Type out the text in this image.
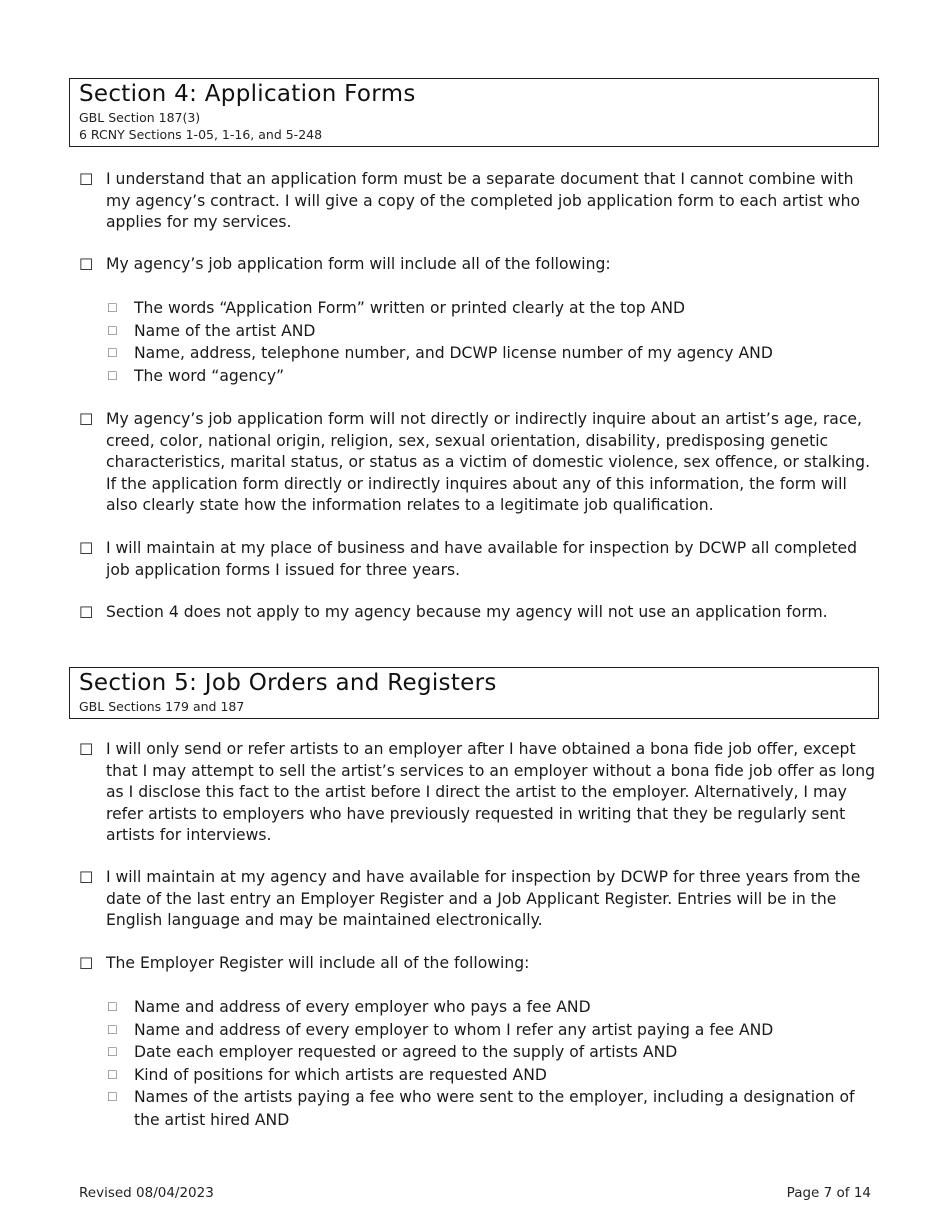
Section 4: Application Forms
GBL Section 187(3)
6 RCNY Sections 1-05, 1-16, and 5-248
☐ I understand that an application form must be a separate document that I cannot combine with my agency’s contract. I will give a copy of the completed job application form to each artist who applies for my services.
☐ My agency’s job application form will include all of the following:
☐	The words “Application Form” written or printed clearly at the top AND
☐	Name of the artist AND
☐	Name, address, telephone number, and DCWP license number of my agency AND
☐	The word “agency”
☐ My agency’s job application form will not directly or indirectly inquire about an artist’s age, race, creed, color, national origin, religion, sex, sexual orientation, disability, predisposing genetic characteristics, marital status, or status as a victim of domestic violence, sex offence, or stalking. If the application form directly or indirectly inquires about any of this information, the form will also clearly state how the information relates to a legitimate job qualification.
☐ I will maintain at my place of business and have available for inspection by DCWP all completed job application forms I issued for three years.
☐ Section 4 does not apply to my agency because my agency will not use an application form.
Section 5: Job Orders and Registers
GBL Sections 179 and 187
☐ I will only send or refer artists to an employer after I have obtained a bona fide job offer, except that I may attempt to sell the artist’s services to an employer without a bona fide job offer as long as I disclose this fact to the artist before I direct the artist to the employer. Alternatively, I may refer artists to employers who have previously requested in writing that they be regularly sent artists for interviews.
☐ I will maintain at my agency and have available for inspection by DCWP for three years from the date of the last entry an Employer Register and a Job Applicant Register. Entries will be in the English language and may be maintained electronically.
☐ The Employer Register will include all of the following:
☐	Name and address of every employer who pays a fee AND
☐	Name and address of every employer to whom I refer any artist paying a fee AND
☐	Date each employer requested or agreed to the supply of artists AND
☐	Kind of positions for which artists are requested AND
☐	Names of the artists paying a fee who were sent to the employer, including a designation of the artist hired AND
Revised 08/04/2023	Page 7 of 14
